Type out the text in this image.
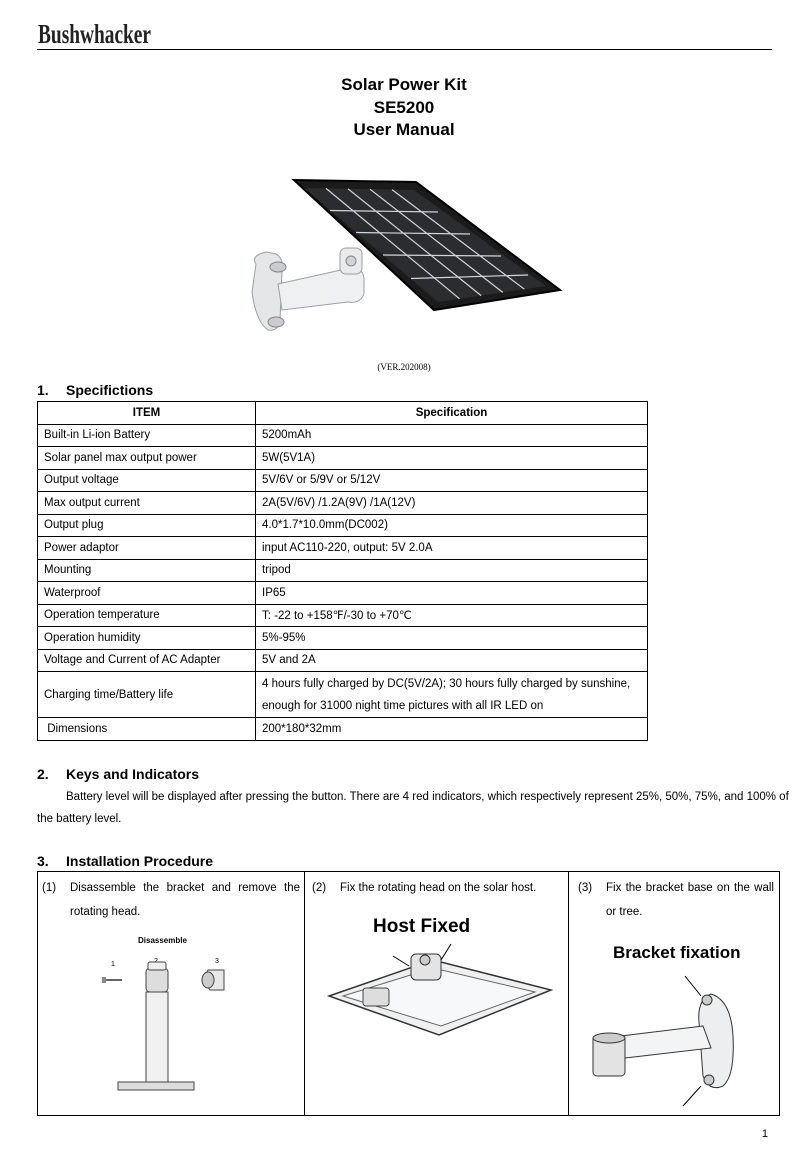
Bushwhacker
Solar Power Kit
SE5200
User Manual
(VER.202008)
1. Specifictions
ITEM	Specification
Built-in Li-ion Battery	5200mAh
Solar panel max output power	5W(5V1A)
Output voltage	5V/6V or 5/9V or 5/12V
Max output current	2A(5V/6V) /1.2A(9V) /1A(12V)
Output plug	4.0*1.7*10.0mm(DC002)
Power adaptor	input AC110-220, output: 5V 2.0A
Mounting	tripod
Waterproof	IP65
Operation temperature	T: -22 to +158℉/-30 to +70℃
Operation humidity	5%-95%
Voltage and Current of AC Adapter	5V and 2A
Charging time/Battery life	4 hours fully charged by DC(5V/2A); 30 hours fully charged by sunshine, enough for 31000 night time pictures with all IR LED on
Dimensions	200*180*32mm
2. Keys and Indicators
Battery level will be displayed after pressing the button. There are 4 red indicators, which respectively represent 25%, 50%, 75%, and 100% of
the battery level.
3. Installation Procedure
(1) Disassemble the bracket and remove the rotating head.
Disassemble
1	3
(2) Fix the rotating head on the solar host.
Host Fixed
(3) Fix the bracket base on the wall or tree.
Bracket fixation
1
